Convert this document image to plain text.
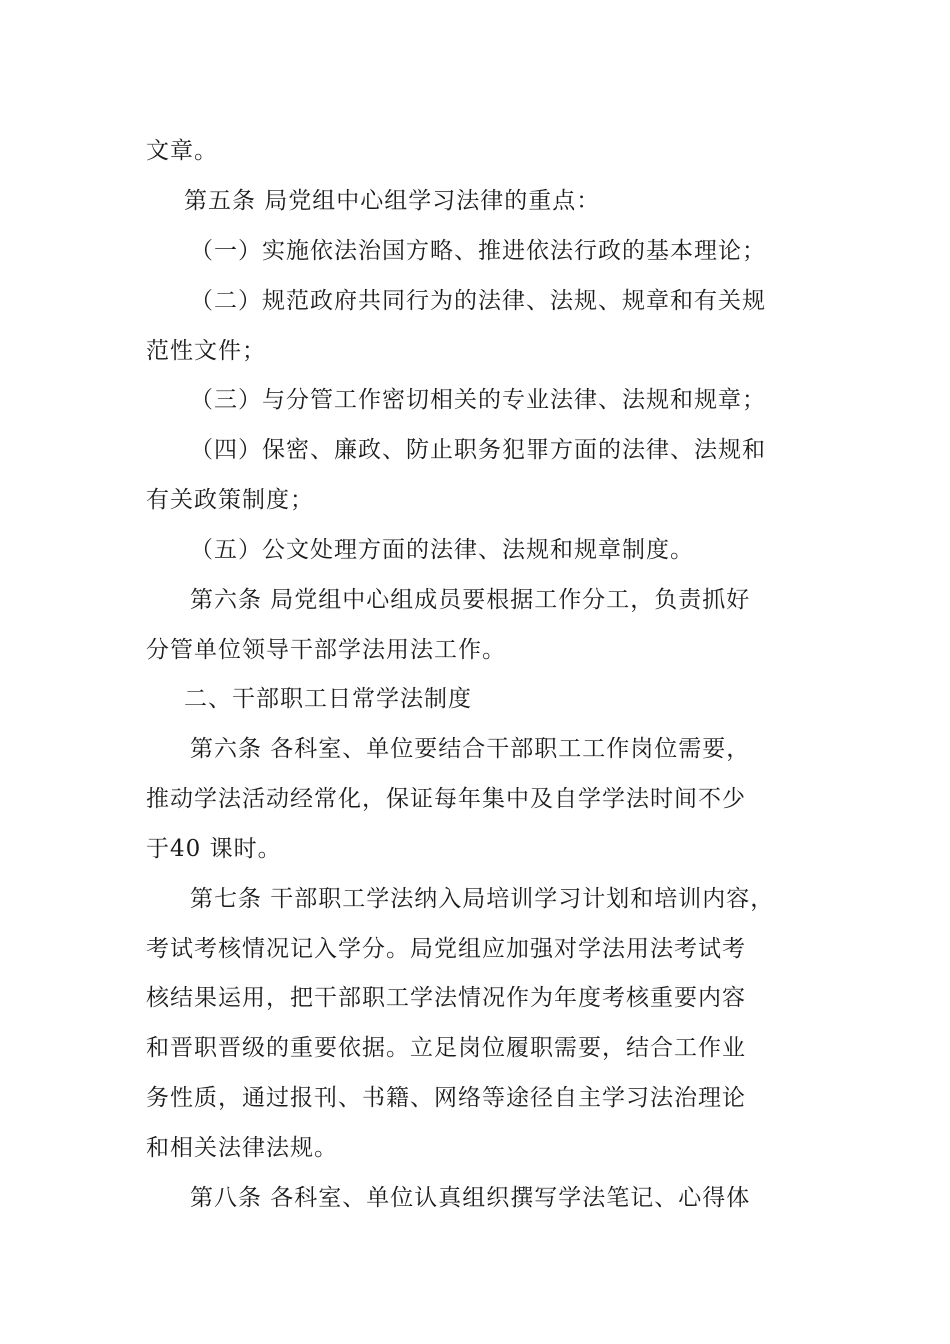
文章。
第五条 局党组中心组学习法律的重点：
（一）实施依法治国方略、推进依法行政的基本理论；
（二）规范政府共同行为的法律、法规、规章和有关规
范性文件；
（三）与分管工作密切相关的专业法律、法规和规章；
（四）保密、廉政、防止职务犯罪方面的法律、法规和
有关政策制度；
（五）公文处理方面的法律、法规和规章制度。
第六条 局党组中心组成员要根据工作分工，负责抓好
分管单位领导干部学法用法工作。
二、干部职工日常学法制度
第六条 各科室、单位要结合干部职工工作岗位需要，
推动学法活动经常化，保证每年集中及自学学法时间不少
于40 课时。
第七条 干部职工学法纳入局培训学习计划和培训内容，
考试考核情况记入学分。局党组应加强对学法用法考试考
核结果运用，把干部职工学法情况作为年度考核重要内容
和晋职晋级的重要依据。立足岗位履职需要，结合工作业
务性质，通过报刊、书籍、网络等途径自主学习法治理论
和相关法律法规。
第八条 各科室、单位认真组织撰写学法笔记、心得体
